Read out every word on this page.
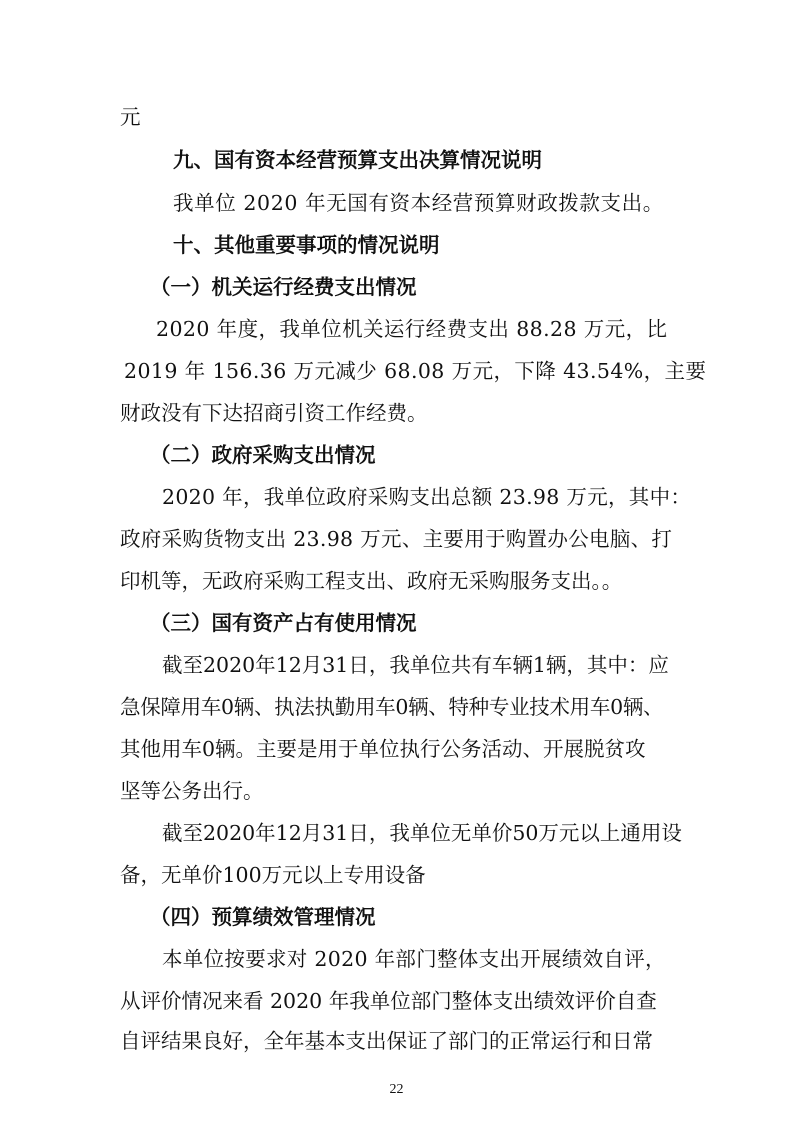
元
九、国有资本经营预算支出决算情况说明
我单位 2020 年无国有资本经营预算财政拨款支出。
十、其他重要事项的情况说明
（一）机关运行经费支出情况
2020 年度，我单位机关运行经费支出 88.28 万元，比
2019 年 156.36 万元减少 68.08 万元，下降 43.54%，主要
财政没有下达招商引资工作经费。
（二）政府采购支出情况
2020 年，我单位政府采购支出总额 23.98 万元，其中：
政府采购货物支出 23.98 万元、主要用于购置办公电脑、打
印机等，无政府采购工程支出、政府无采购服务支出。。
（三）国有资产占有使用情况
截至2020年12月31日，我单位共有车辆1辆，其中：应
急保障用车0辆、执法执勤用车0辆、特种专业技术用车0辆、
其他用车0辆。主要是用于单位执行公务活动、开展脱贫攻
坚等公务出行。
截至2020年12月31日，我单位无单价50万元以上通用设
备，无单价100万元以上专用设备
（四）预算绩效管理情况
本单位按要求对 2020 年部门整体支出开展绩效自评，
从评价情况来看 2020 年我单位部门整体支出绩效评价自查
自评结果良好，全年基本支出保证了部门的正常运行和日常
22
